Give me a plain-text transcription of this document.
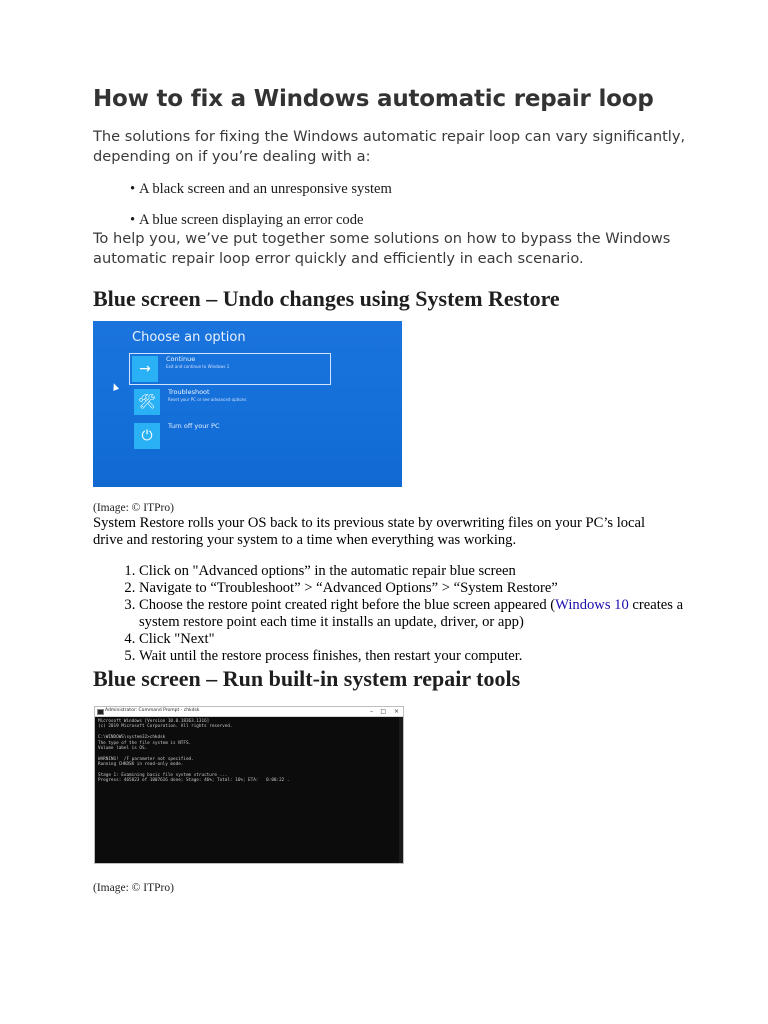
How to fix a Windows automatic repair loop

The solutions for fixing the Windows automatic repair loop can vary significantly, depending on if you’re dealing with a:

• A black screen and an unresponsive system

• A blue screen displaying an error code

To help you, we’ve put together some solutions on how to bypass the Windows automatic repair loop error quickly and efficiently in each scenario.

Blue screen – Undo changes using System Restore
Choose an option
→
Continue
Exit and continue to Windows 1
🛠
Troubleshoot
Reset your PC or see advanced options
⏻
Turn off your PC

(Image: © ITPro)

System Restore rolls your OS back to its previous state by overwriting files on your PC’s local drive and restoring your system to a time when everything was working.

1. Click on "Advanced options” in the automatic repair blue screen
2. Navigate to “Troubleshoot” > “Advanced Options” > “System Restore”
3. Choose the restore point created right before the blue screen appeared (Windows 10 creates a system restore point each time it installs an update, driver, or app)
4. Click "Next"
5. Wait until the restore process finishes, then restart your computer.
Blue screen – Run built-in system repair tools
Administrator: Command Prompt - chkdsk	– □ ×
Microsoft Windows [Version 10.0.18363.1316]
(c) 2019 Microsoft Corporation. All rights reserved.

C:\WINDOWS\system32>chkdsk
The type of the file system is NTFS.
Volume label is OS.

WARNING!  /F parameter not specified.
Running CHKDSK in read-only mode.

Stage 1: Examining basic file system structure ...
Progress: 465023 of 1007616 done; Stage: 46%; Total: 16%; ETA:   0:00:22 .

(Image: © ITPro)
